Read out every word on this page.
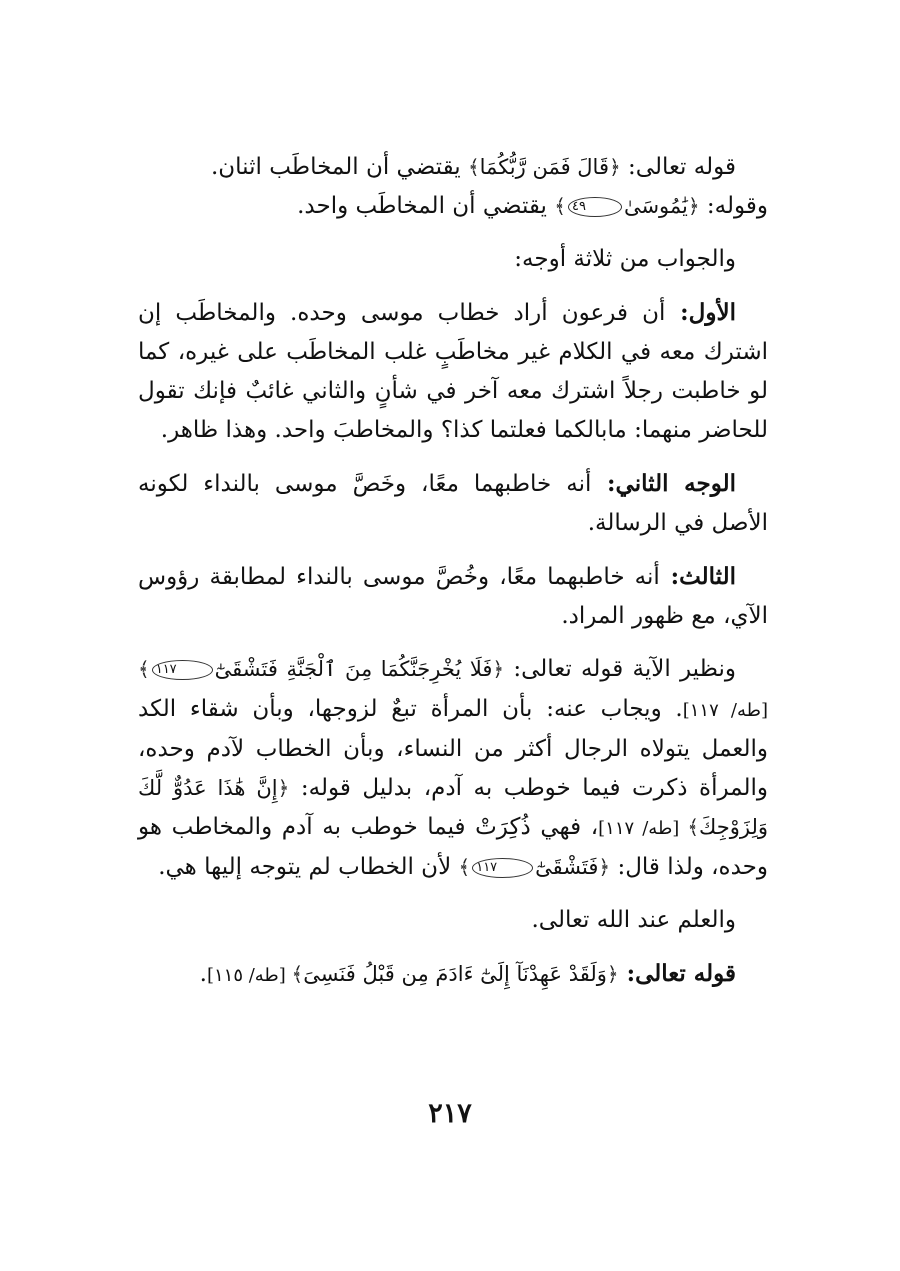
قوله تعالى: ﴿قَالَ فَمَن رَّبُّكُمَا﴾ يقتضي أن المخاطَب اثنان.
وقوله: ﴿يَٰمُوسَىٰ٤٩﴾ يقتضي أن المخاطَب واحد.

والجواب من ثلاثة أوجه:

الأول: أن فرعون أراد خطاب موسى وحده. والمخاطَب إن اشترك معه في الكلام غير مخاطَبٍ غلب المخاطَب على غيره، كما لو خاطبت رجلاً اشترك معه آخر في شأنٍ والثاني غائبٌ فإنك تقول للحاضر منهما: مابالكما فعلتما كذا؟ والمخاطبَ واحد. وهذا ظاهر.

الوجه الثاني: أنه خاطبهما معًا، وخَصَّ موسى بالنداء لكونه الأصل في الرسالة.

الثالث: أنه خاطبهما معًا، وخُصَّ موسى بالنداء لمطابقة رؤوس الآي، مع ظهور المراد.

ونظير الآية قوله تعالى: ﴿فَلَا يُخْرِجَنَّكُمَا مِنَ ٱلْجَنَّةِ فَتَشْقَىٰٓ١١٧﴾ [طه/ ١١٧]. ويجاب عنه: بأن المرأة تبعٌ لزوجها، وبأن شقاء الكد والعمل يتولاه الرجال أكثر من النساء، وبأن الخطاب لآدم وحده، والمرأة ذكرت فيما خوطب به آدم، بدليل قوله: ﴿إِنَّ هَٰذَا عَدُوٌّ لَّكَ وَلِزَوْجِكَ﴾ [طه/ ١١٧]، فهي ذُكِرَتْ فيما خوطب به آدم والمخاطب هو وحده، ولذا قال: ﴿فَتَشْقَىٰٓ١١٧﴾ لأن الخطاب لم يتوجه إليها هي.

والعلم عند الله تعالى.

قوله تعالى: ﴿وَلَقَدْ عَهِدْنَآ إِلَىٰٓ ءَادَمَ مِن قَبْلُ فَنَسِىَ﴾ [طه/ ١١٥].

٢١٧
